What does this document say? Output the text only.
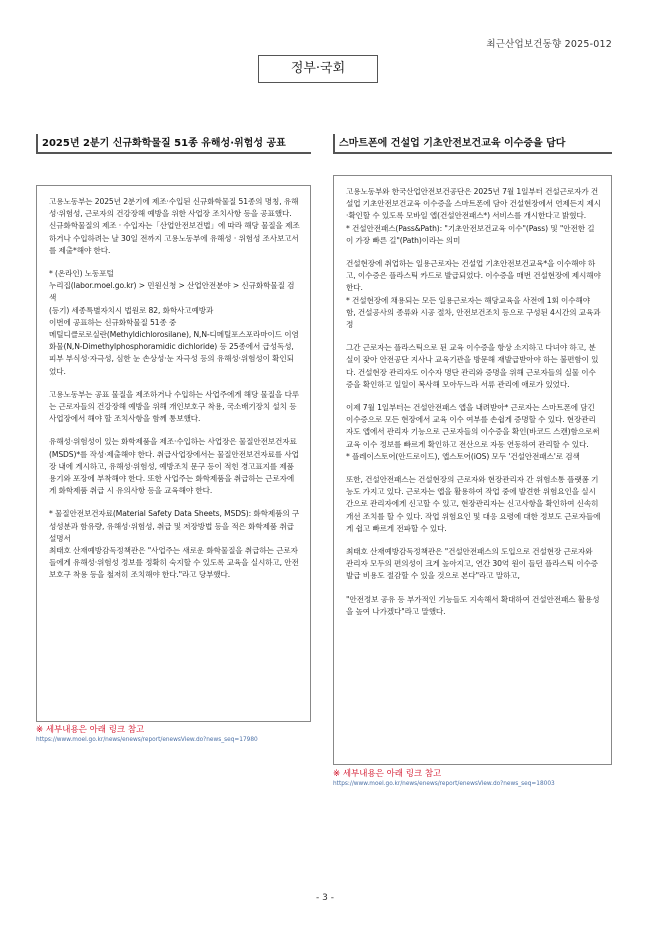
최근산업보건동향 2025-012
정부·국회
2025년 2분기 신규화학물질 51종 유해성·위험성 공표	스마트폰에 건설업 기초안전보건교육 이수증을 담다

고용노동부는 2025년 2분기에 제조·수입된 신규화학물질 51종의 명칭, 유해성·위험성, 근로자의 건강장해 예방을 위한 사업장 조치사항 등을 공표했다.
신규화학물질의 제조 · 수입자는「산업안전보건법」에 따라 해당 물질을 제조하거나 수입하려는 날 30일 전까지 고용노동부에 유해성 · 위험성 조사보고서를 제출*해야 한다.

* (온라인) 노동포털
누리집(labor.moel.go.kr) > 민원신청 > 산업안전분야 > 신규화학물질 검색
(등기) 세종특별자치시 법원로 82, 화학사고예방과
이번에 공표하는 신규화학물질 51종 중
메틸디클로로실란(Methyldichlorosilane), N,N-디메틸포스포라마이드 이염화물(N,N-Dimethylphosphoramidic dichloride) 등 25종에서 급성독성, 피부 부식성·자극성, 심한 눈 손상성·눈 자극성 등의 유해성·위험성이 확인되었다.

고용노동부는 공표 물질을 제조하거나 수입하는 사업주에게 해당 물질을 다루는 근로자들의 건강장해 예방을 위해 개인보호구 착용, 국소배기장치 설치 등 사업장에서 해야 할 조치사항을 함께 통보했다.

유해성·위험성이 있는 화학제품을 제조·수입하는 사업장은 물질안전보건자료 (MSDS)*를 작성·제출해야 한다. 취급사업장에서는 물질안전보건자료를 사업장 내에 게시하고, 유해성·위험성, 예방조치 문구 등이 적힌 경고표지를 제품 용기와 포장에 부착해야 한다. 또한 사업주는 화학제품을 취급하는 근로자에게 화학제품 취급 시 유의사항 등을 교육해야 한다.

* 물질안전보건자료(Material Safety Data Sheets, MSDS): 화학제품의 구성성분과 함유량, 유해성·위험성, 취급 및 저장방법 등을 적은 화학제품 취급설명서
최태호 산재예방감독정책관은 "사업주는 새로운 화학물질을 취급하는 근로자들에게 유해성·위험성 정보를 정확히 숙지할 수 있도록 교육을 실시하고, 안전 보호구 착용 등을 철저히 조치해야 한다."라고 당부했다.

고용노동부와 한국산업안전보건공단은 2025년 7월 1일부터 건설근로자가 건설업 기초안전보건교육 이수증을 스마트폰에 담아 건설현장에서 언제든지 제시·확인할 수 있도록 모바일 앱(건설안전패스*) 서비스를 개시한다고 밝혔다.
* 건설안전패스(Pass&Path): "기초안전보건교육 이수"(Pass) 및 "안전한 길이 가장 빠른 길"(Path)이라는 의미

건설현장에 취업하는 일용근로자는 건설업 기초안전보건교육*을 이수해야 하고, 이수증은 플라스틱 카드로 발급되었다. 이수증을 매번 건설현장에 제시해야 한다.
* 건설현장에 채용되는 모든 일용근로자는 해당교육을 사전에 1회 이수해야 함, 건설공사의 종류와 시공 절차, 안전보건조치 등으로 구성된 4시간의 교육과정

그간 근로자는 플라스틱으로 된 교육 이수증을 항상 소지하고 다녀야 하고, 분실이 잦아 안전공단 지사나 교육기관을 방문해 재발급받아야 하는 불편함이 있다. 건설현장 관리자도 이수자 명단 관리와 증명을 위해 근로자들의 실물 이수증을 확인하고 일일이 복사해 모아두느라 서류 관리에 애로가 있었다.

이제 7월 1일부터는 건설안전패스 앱을 내려받아* 근로자는 스마트폰에 담긴 이수증으로 모든 현장에서 교육 이수 여부를 손쉽게 증명할 수 있다. 현장관리자도 앱에서 관리자 기능으로 근로자들의 이수증을 확인(바코드 스캔)함으로써 교육 이수 정보를 빠르게 확인하고 전산으로 자동 연동하여 관리할 수 있다.
* 플레이스토어(안드로이드), 앱스토어(iOS) 모두 '건설안전패스'로 검색

또한, 건설안전패스는 건설현장의 근로자와 현장관리자 간 위험소통 플랫폼 기능도 가지고 있다. 근로자는 앱을 활용하여 작업 중에 발견한 위험요인을 실시간으로 관리자에게 신고할 수 있고, 현장관리자는 신고사항을 확인하여 신속히 개선 조치를 할 수 있다. 작업 위험요인 및 대응 요령에 대한 정보도 근로자들에게 쉽고 빠르게 전파할 수 있다.

최태호 산재예방감독정책관은 "건설안전패스의 도입으로 건설현장 근로자와 관리자 모두의 편의성이 크게 높아지고, 연간 30억 원이 들던 플라스틱 이수증 발급 비용도 절감할 수 있을 것으로 본다"라고 말하고,

"안전정보 공유 등 부가적인 기능들도 지속해서 확대하여 건설안전패스 활용성을 높여 나가겠다"라고 말했다.

※ 세부내용은 아래 링크 참고
https://www.moel.go.kr/news/enews/report/enewsView.do?news_seq=17980
※ 세부내용은 아래 링크 참고
https://www.moel.go.kr/news/enews/report/enewsView.do?news_seq=18003
- 3 -
